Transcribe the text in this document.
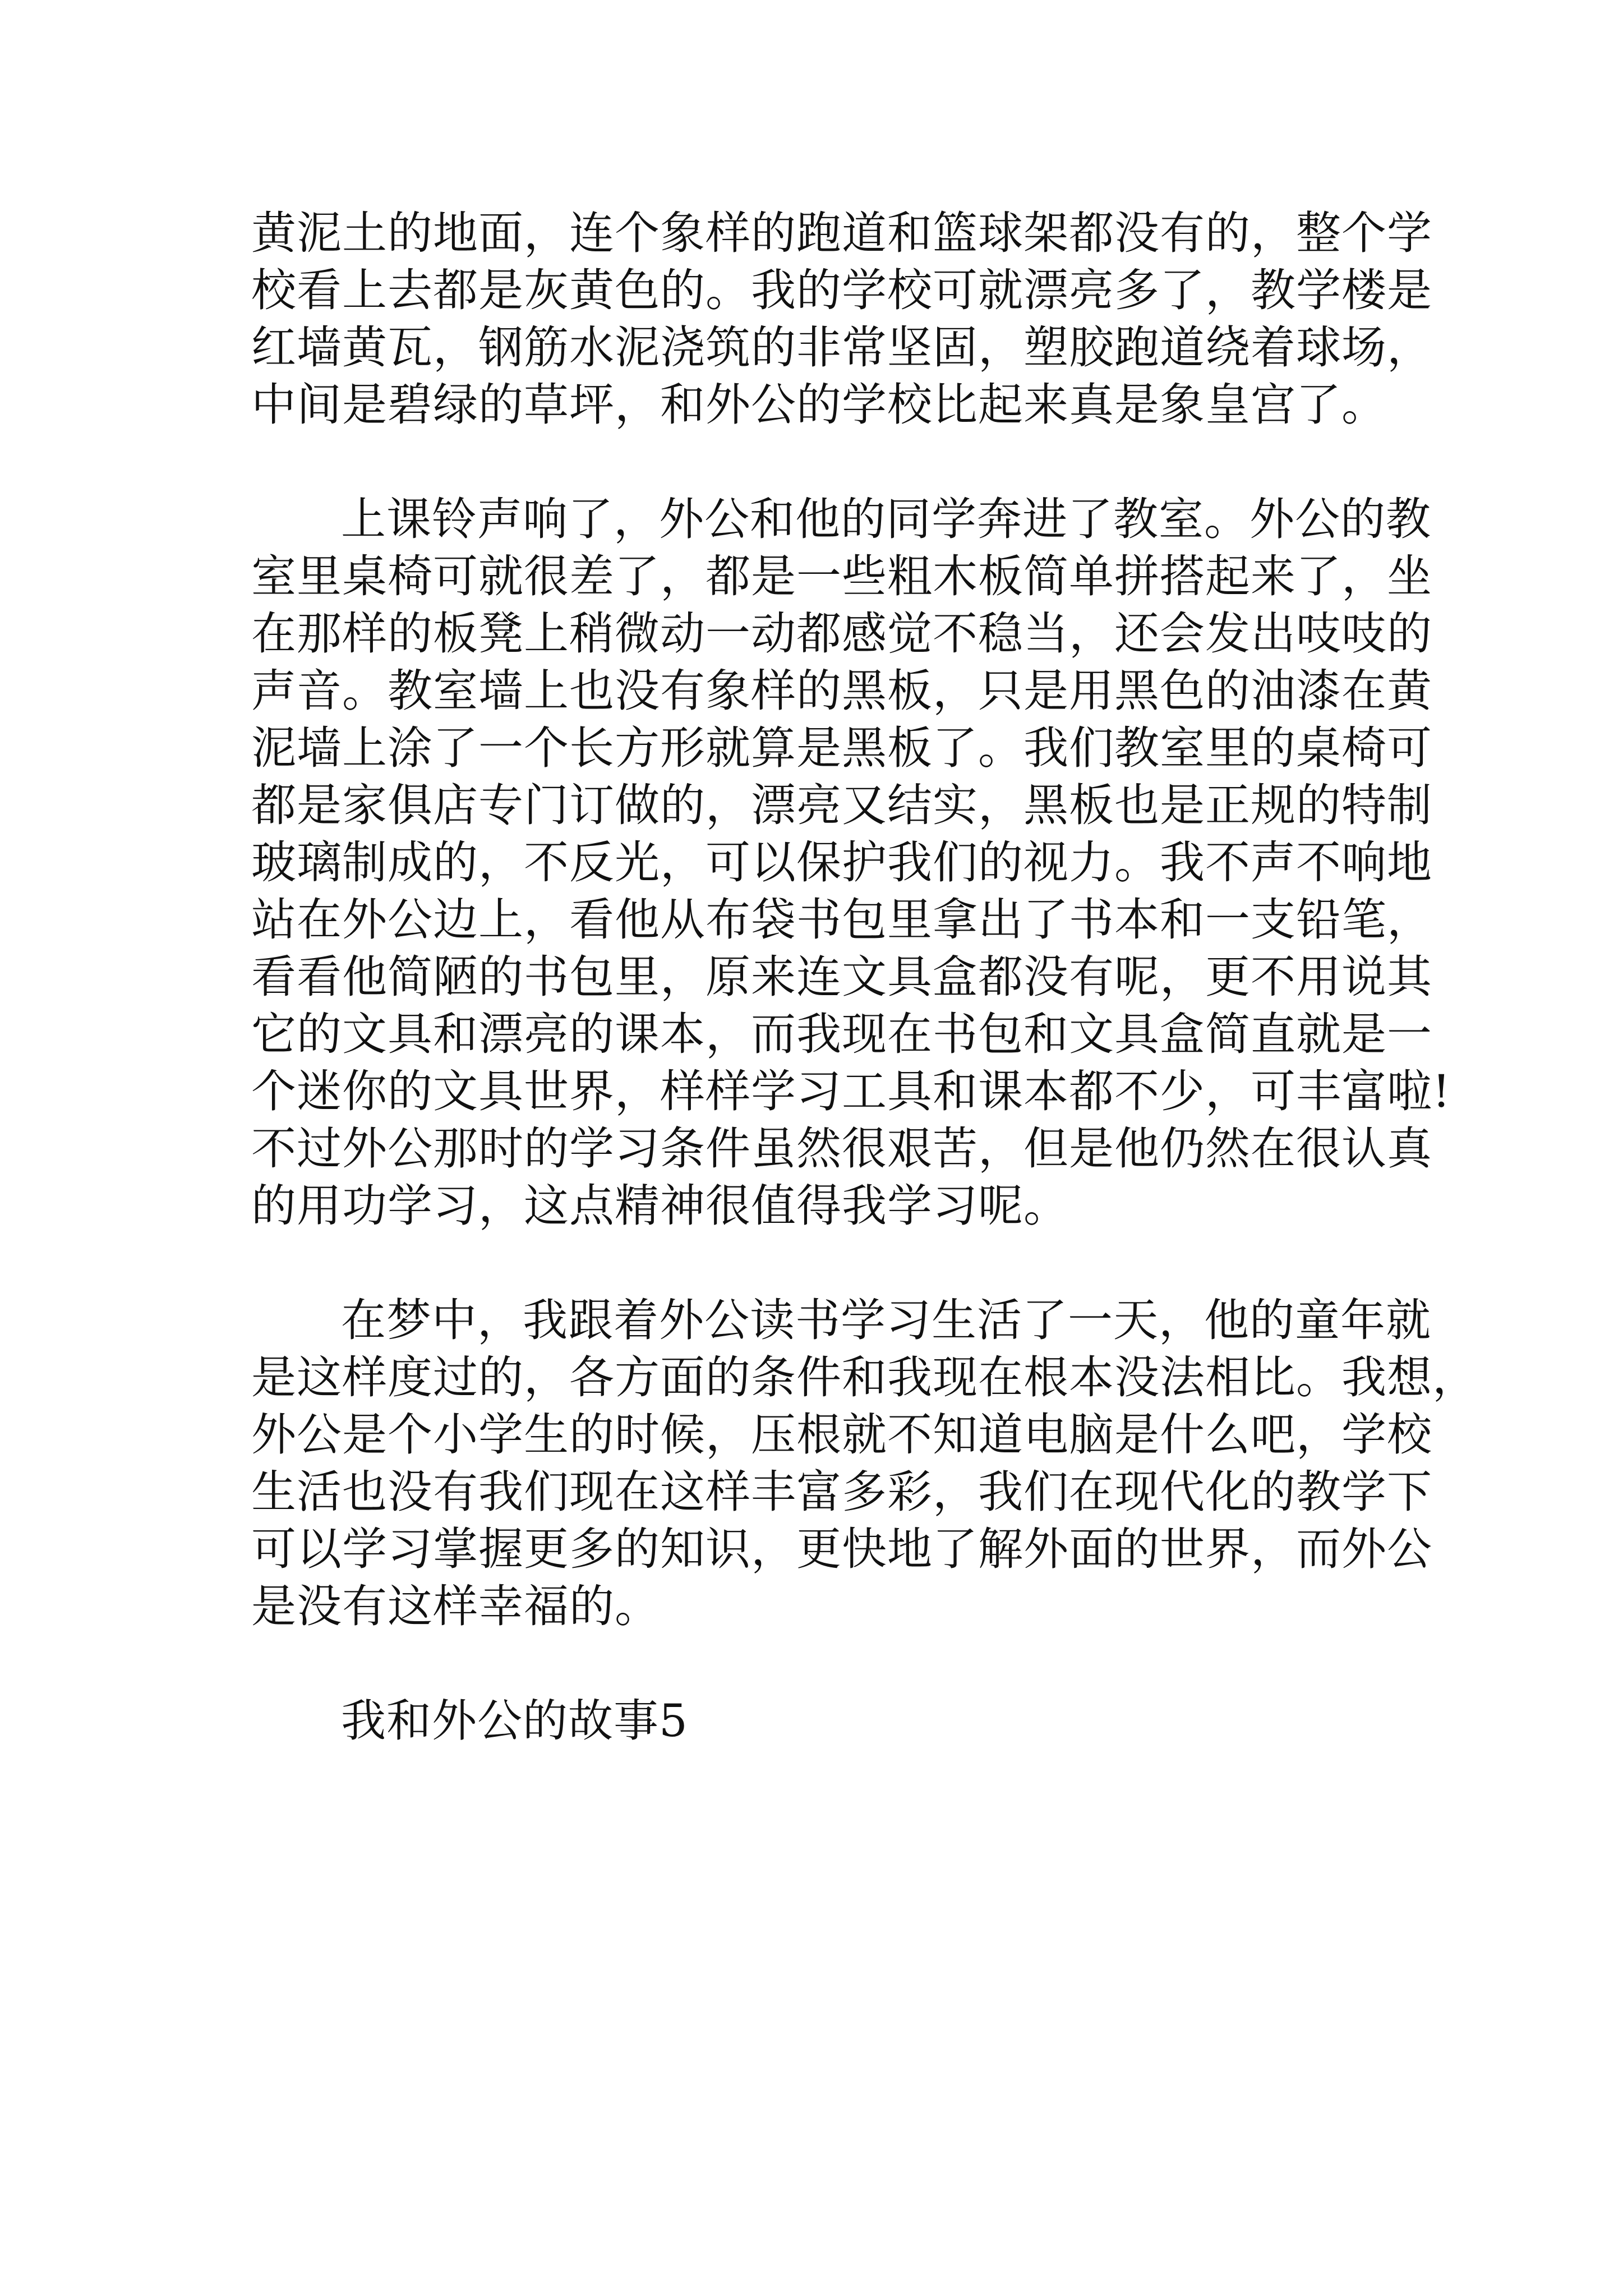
黄泥土的地面，连个象样的跑道和篮球架都没有的，整个学
校看上去都是灰黄色的。我的学校可就漂亮多了，教学楼是
红墙黄瓦，钢筋水泥浇筑的非常坚固，塑胶跑道绕着球场，
中间是碧绿的草坪，和外公的学校比起来真是象皇宫了。
上课铃声响了，外公和他的同学奔进了教室。外公的教
室里桌椅可就很差了，都是一些粗木板简单拼搭起来了，坐
在那样的板凳上稍微动一动都感觉不稳当，还会发出吱吱的
声音。教室墙上也没有象样的黑板，只是用黑色的油漆在黄
泥墙上涂了一个长方形就算是黑板了。我们教室里的桌椅可
都是家俱店专门订做的，漂亮又结实，黑板也是正规的特制
玻璃制成的，不反光，可以保护我们的视力。我不声不响地
站在外公边上，看他从布袋书包里拿出了书本和一支铅笔，
看看他简陋的书包里，原来连文具盒都没有呢，更不用说其
它的文具和漂亮的课本，而我现在书包和文具盒简直就是一
个迷你的文具世界，样样学习工具和课本都不少，可丰富啦!
不过外公那时的学习条件虽然很艰苦，但是他仍然在很认真
的用功学习，这点精神很值得我学习呢。
在梦中，我跟着外公读书学习生活了一天，他的童年就
是这样度过的，各方面的条件和我现在根本没法相比。我想，
外公是个小学生的时候，压根就不知道电脑是什么吧，学校
生活也没有我们现在这样丰富多彩，我们在现代化的教学下
可以学习掌握更多的知识，更快地了解外面的世界，而外公
是没有这样幸福的。
我和外公的故事5
